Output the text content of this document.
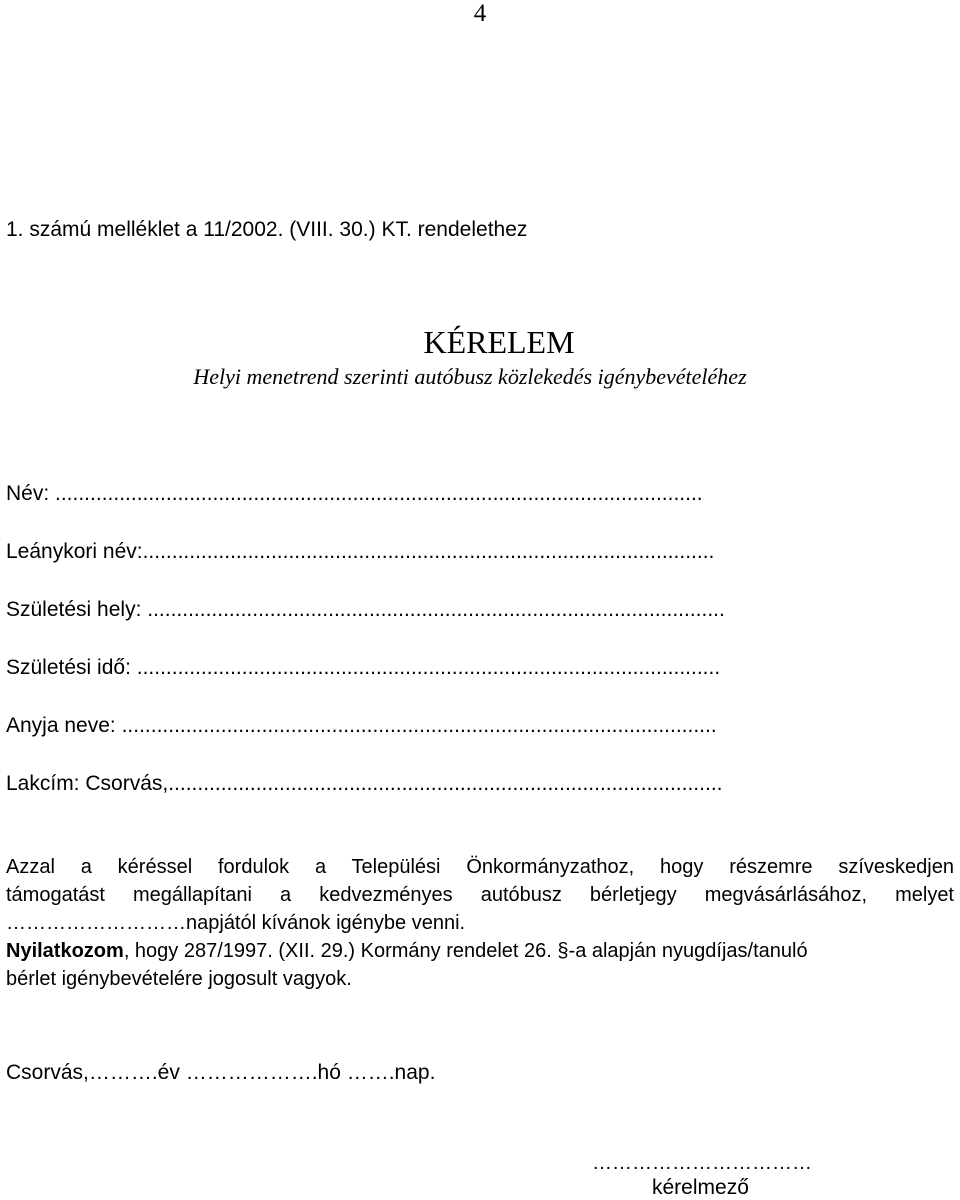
4
1. számú melléklet a 11/2002. (VIII. 30.) KT. rendelethez
KÉRELEM
Helyi menetrend szerinti autóbusz közlekedés igénybevételéhez
Név: ...............................................................................................................
Leánykori név:..................................................................................................
Születési hely: ...................................................................................................
Születési idő: ....................................................................................................
Anyja neve: ......................................................................................................
Lakcím: Csorvás,...............................................................................................
Azzal a kéréssel fordulok a Települési Önkormányzathoz, hogy részemre szíveskedjen
támogatást megállapítani a kedvezményes autóbusz bérletjegy megvásárlásához, melyet
………………………napjától kívánok igénybe venni.
Nyilatkozom, hogy 287/1997. (XII. 29.) Kormány rendelet 26. §-a alapján nyugdíjas/tanuló
bérlet igénybevételére jogosult vagyok.
Csorvás,……….év ……………….hó …….nap.
……………………………
kérelmező
